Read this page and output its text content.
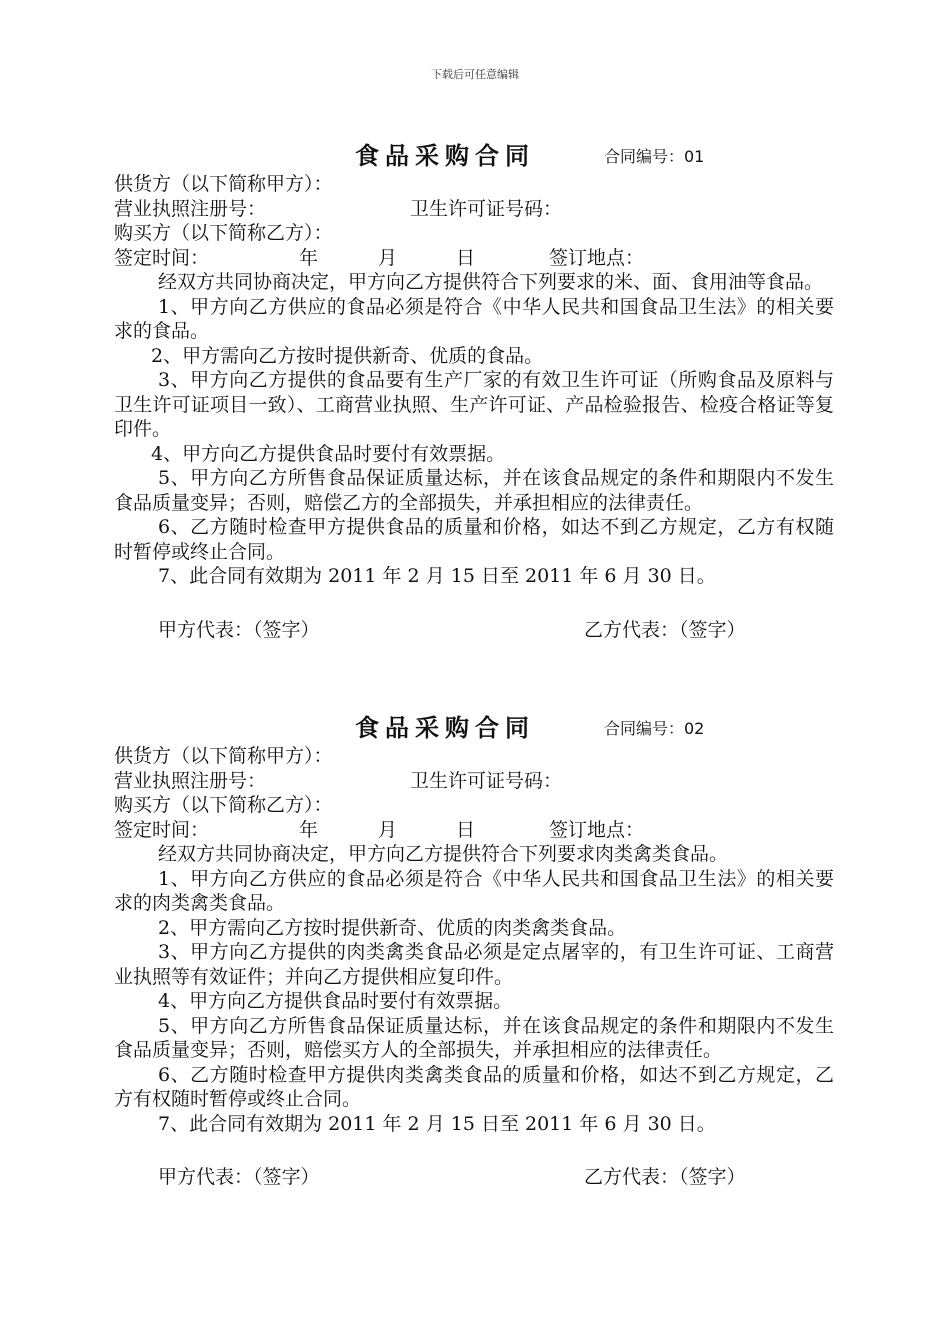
下载后可任意编辑
食品采购合同	合同编号：01
供货方（以下简称甲方）：
营业执照注册号：	卫生许可证号码：
购买方（以下简称乙方）：
签定时间：	年	月	日	签订地点：

经双方共同协商决定，甲方向乙方提供符合下列要求的米、面、食用油等食品。

1、甲方向乙方供应的食品必须是符合《中华人民共和国食品卫生法》的相关要求的食品。

2、甲方需向乙方按时提供新奇、优质的食品。

3、甲方向乙方提供的食品要有生产厂家的有效卫生许可证（所购食品及原料与卫生许可证项目一致）、工商营业执照、生产许可证、产品检验报告、检疫合格证等复印件。

4、甲方向乙方提供食品时要付有效票据。

5、甲方向乙方所售食品保证质量达标，并在该食品规定的条件和期限内不发生食品质量变异；否则，赔偿乙方的全部损失，并承担相应的法律责任。

6、乙方随时检查甲方提供食品的质量和价格，如达不到乙方规定，乙方有权随时暂停或终止合同。

7、此合同有效期为 2011 年 2 月 15 日至 2011 年 6 月 30 日。

甲方代表：（签字）	乙方代表：（签字）
食品采购合同	合同编号：02
供货方（以下简称甲方）：
营业执照注册号：	卫生许可证号码：
购买方（以下简称乙方）：
签定时间：	年	月	日	签订地点：

经双方共同协商决定，甲方向乙方提供符合下列要求肉类禽类食品。

1、甲方向乙方供应的食品必须是符合《中华人民共和国食品卫生法》的相关要求的肉类禽类食品。

2、甲方需向乙方按时提供新奇、优质的肉类禽类食品。

3、甲方向乙方提供的肉类禽类食品必须是定点屠宰的，有卫生许可证、工商营业执照等有效证件；并向乙方提供相应复印件。

4、甲方向乙方提供食品时要付有效票据。

5、甲方向乙方所售食品保证质量达标，并在该食品规定的条件和期限内不发生食品质量变异；否则，赔偿买方人的全部损失，并承担相应的法律责任。

6、乙方随时检查甲方提供肉类禽类食品的质量和价格，如达不到乙方规定，乙方有权随时暂停或终止合同。

7、此合同有效期为 2011 年 2 月 15 日至 2011 年 6 月 30 日。

甲方代表：（签字）	乙方代表：（签字）
